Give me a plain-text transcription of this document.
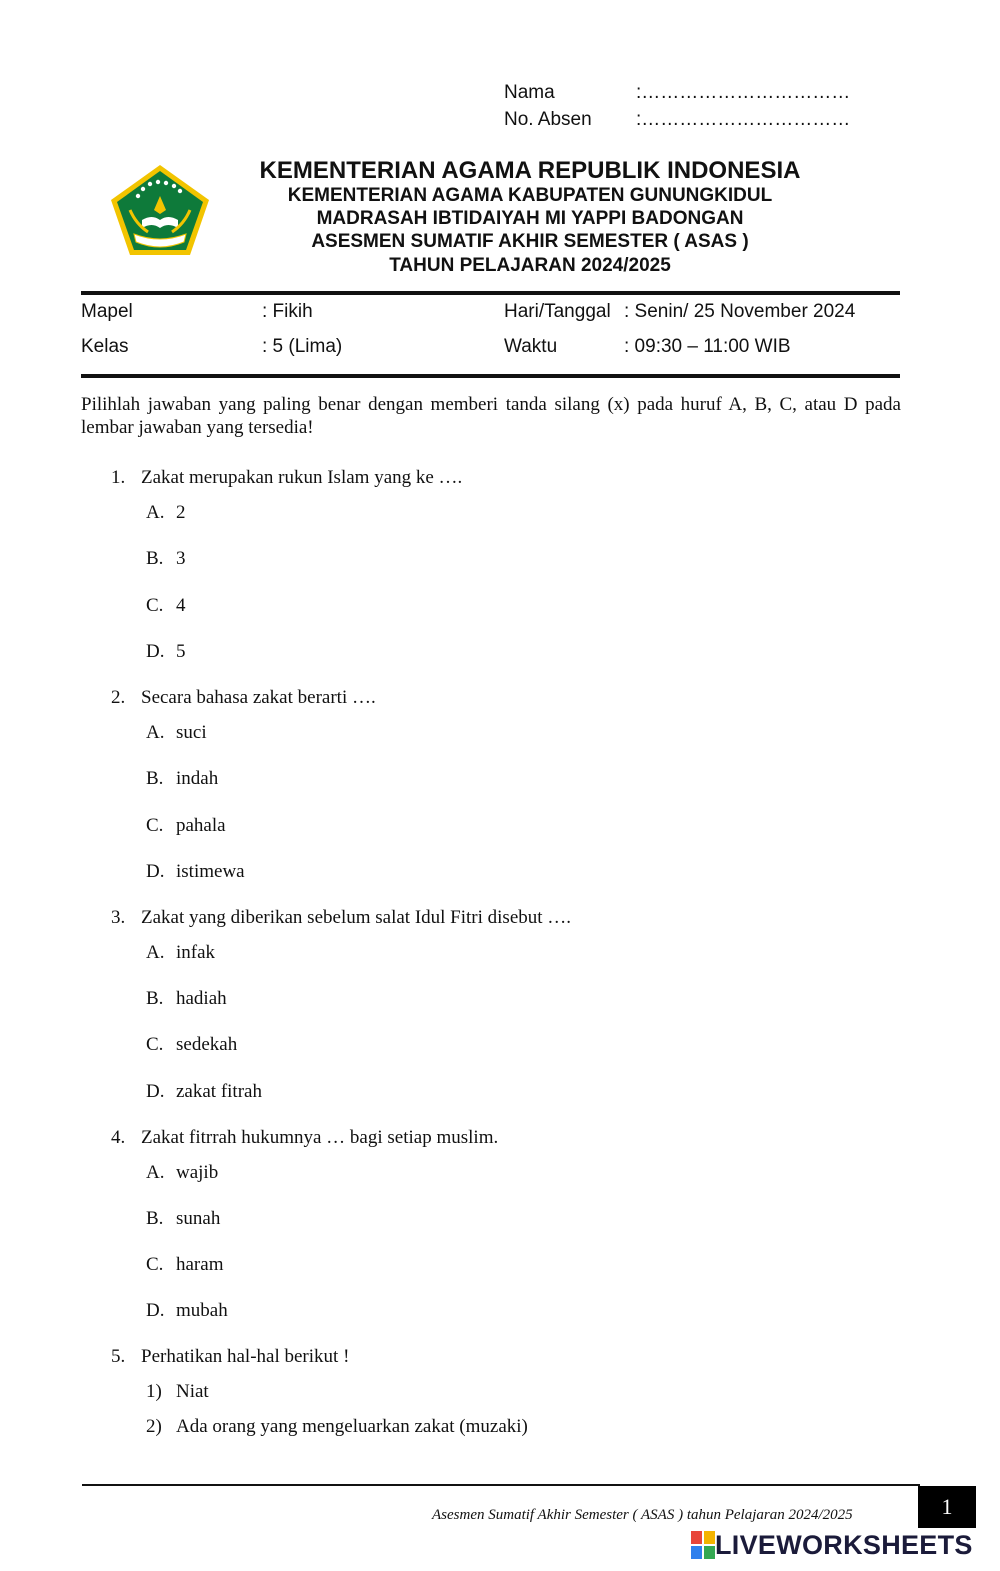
Nama	:……………………………
No. Absen :……………………………
KEMENTERIAN AGAMA REPUBLIK INDONESIA
KEMENTERIAN AGAMA KABUPATEN GUNUNGKIDUL
MADRASAH IBTIDAIYAH MI YAPPI BADONGAN
ASESMEN SUMATIF AKHIR SEMESTER ( ASAS )
TAHUN PELAJARAN 2024/2025
Mapel	: Fikih	Hari/Tanggal : Senin/ 25 November 2024
Kelas	: 5 (Lima)	Waktu	: 09:30 – 11:00 WIB
Pilihlah jawaban yang paling benar dengan memberi tanda silang (x) pada huruf A, B, C, atau D pada lembar jawaban yang tersedia!
1. Zakat merupakan rukun Islam yang ke ….
A. 2
B. 3
C. 4
D. 5
2. Secara bahasa zakat berarti ….
A. suci
B. indah
C. pahala
D. istimewa
3. Zakat yang diberikan sebelum salat Idul Fitri disebut ….
A. infak
B. hadiah
C. sedekah
D. zakat fitrah
4. Zakat fitrrah hukumnya … bagi setiap muslim.
A. wajib
B. sunah
C. haram
D. mubah
5. Perhatikan hal-hal berikut !
1) Niat
2) Ada orang yang mengeluarkan zakat (muzaki)
Asesmen Sumatif Akhir Semester ( ASAS ) tahun Pelajaran 2024/2025	1
LIVEWORKSHEETS
